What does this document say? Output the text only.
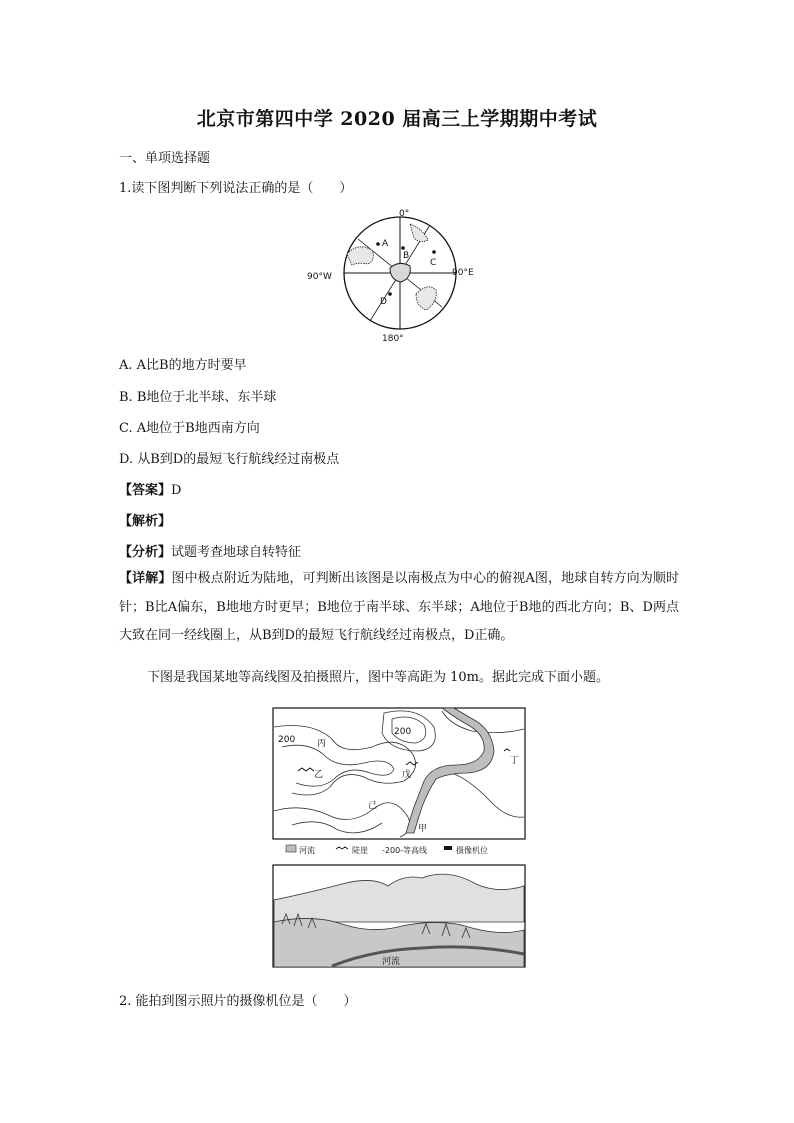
北京市第四中学 2020 届高三上学期期中考试
一、单项选择题
1.读下图判断下列说法正确的是（　　）
0°
180°
90°W	90°E
A
B
C
D
A. A比B的地方时要早
B. B地位于北半球、东半球
C. A地位于B地西南方向
D. 从B到D的最短飞行航线经过南极点
【答案】D
【解析】
【分析】试题考查地球自转特征
【详解】图中极点附近为陆地，可判断出该图是以南极点为中心的俯视A图，地球自转方向为顺时针；B比A偏东，B地地方时更早；B地位于南半球、东半球；A地位于B地的西北方向；B、D两点大致在同一经线圈上，从B到D的最短飞行航线经过南极点，D正确。
下图是我国某地等高线图及拍摄照片，图中等高距为 10m。据此完成下面小题。
200
200
丙
乙	戊
丁
甲
己
河流	陡崖 -200-等高线	摄像机位
河流
2. 能拍到图示照片的摄像机位是（　　）
